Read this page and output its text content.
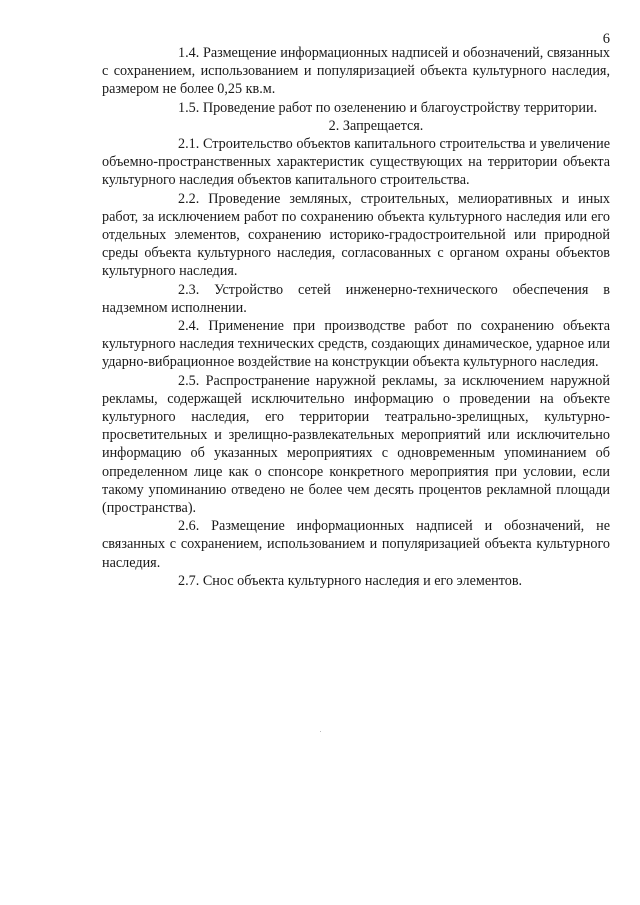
6

1.4. Размещение информационных надписей и обозначений, связанных с сохранением, использованием и популяризацией объекта культурного наследия, размером не более 0,25 кв.м.

1.5. Проведение работ по озеленению и благоустройству территории.

2. Запрещается.

2.1. Строительство объектов капитального строительства и увеличение объемно-пространственных характеристик существующих на территории объекта культурного наследия объектов капитального строительства.

2.2. Проведение земляных, строительных, мелиоративных и иных работ, за исключением работ по сохранению объекта культурного наследия или его отдельных элементов, сохранению историко-градостроительной или природной среды объекта культурного наследия, согласованных с органом охраны объектов культурного наследия.

2.3. Устройство сетей инженерно-технического обеспечения в надземном исполнении.

2.4. Применение при производстве работ по сохранению объекта культурного наследия технических средств, создающих динамическое, ударное или ударно-вибрационное воздействие на конструкции объекта культурного наследия.

2.5. Распространение наружной рекламы, за исключением наружной рекламы, содержащей исключительно информацию о проведении на объекте культурного наследия, его территории театрально-зрелищных, культурно-просветительных и зрелищно-развлекательных мероприятий или исключительно информацию об указанных мероприятиях с одновременным упоминанием об определенном лице как о спонсоре конкретного мероприятия при условии, если такому упоминанию отведено не более чем десять процентов рекламной площади (пространства).

2.6. Размещение информационных надписей и обозначений, не связанных с сохранением, использованием и популяризацией объекта культурного наследия.

2.7. Снос объекта культурного наследия и его элементов.
